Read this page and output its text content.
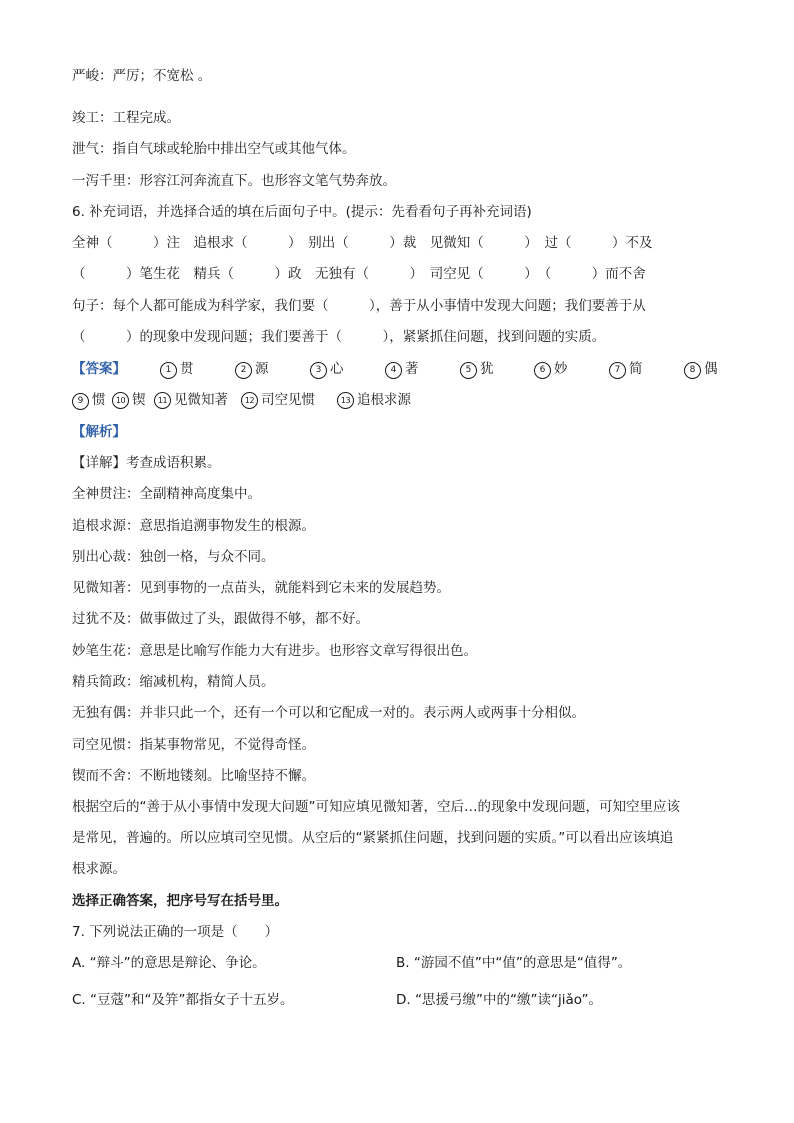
严峻：严厉；不宽松 。
竣工：工程完成。
泄气：指自气球或轮胎中排出空气或其他气体。
一泻千里：形容江河奔流直下。也形容文笔气势奔放。
6. 补充词语，并选择合适的填在后面句子中。(提示：先看看句子再补充词语)
全神（　　　）注　追根求（　　　）　别出（　　　）裁　见微知（　　　）　过（　　　）不及
（　　　）笔生花　精兵（　　　）政　无独有（　　　）　司空见（　　　）　（　　　）而不舍
句子：每个人都可能成为科学家，我们要（　　　），善于从小事情中发现大问题；我们要善于从
（　　　）的现象中发现问题；我们要善于（　　　），紧紧抓住问题，找到问题的实质。
【答案】	1 贯	2 源	3 心	4 著	5 犹	6 妙	7 简	8 偶
9 惯	10 锲	11 见微知著	12 司空见惯	13 追根求源
【解析】
【详解】考查成语积累。
全神贯注：全副精神高度集中。
追根求源：意思指追溯事物发生的根源。
别出心裁：独创一格，与众不同。
见微知著：见到事物的一点苗头，就能料到它未来的发展趋势。
过犹不及：做事做过了头，跟做得不够，都不好。
妙笔生花：意思是比喻写作能力大有进步。也形容文章写得很出色。
精兵简政：缩减机构，精简人员。
无独有偶：并非只此一个，还有一个可以和它配成一对的。表示两人或两事十分相似。
司空见惯：指某事物常见，不觉得奇怪。
锲而不舍：不断地镂刻。比喻坚持不懈。
根据空后的“善于从小事情中发现大问题”可知应填见微知著，空后…的现象中发现问题，可知空里应该
是常见，普遍的。所以应填司空见惯。从空后的“紧紧抓住问题，找到问题的实质。”可以看出应该填追
根求源。
选择正确答案，把序号写在括号里。
7. 下列说法正确的一项是（　　）
A. “辩斗”的意思是辩论、争论。	B. “游园不值”中“值”的意思是“值得”。
C. “豆蔻”和“及笄”都指女子十五岁。	D. “思援弓缴”中的“缴”读“jiǎo”。
